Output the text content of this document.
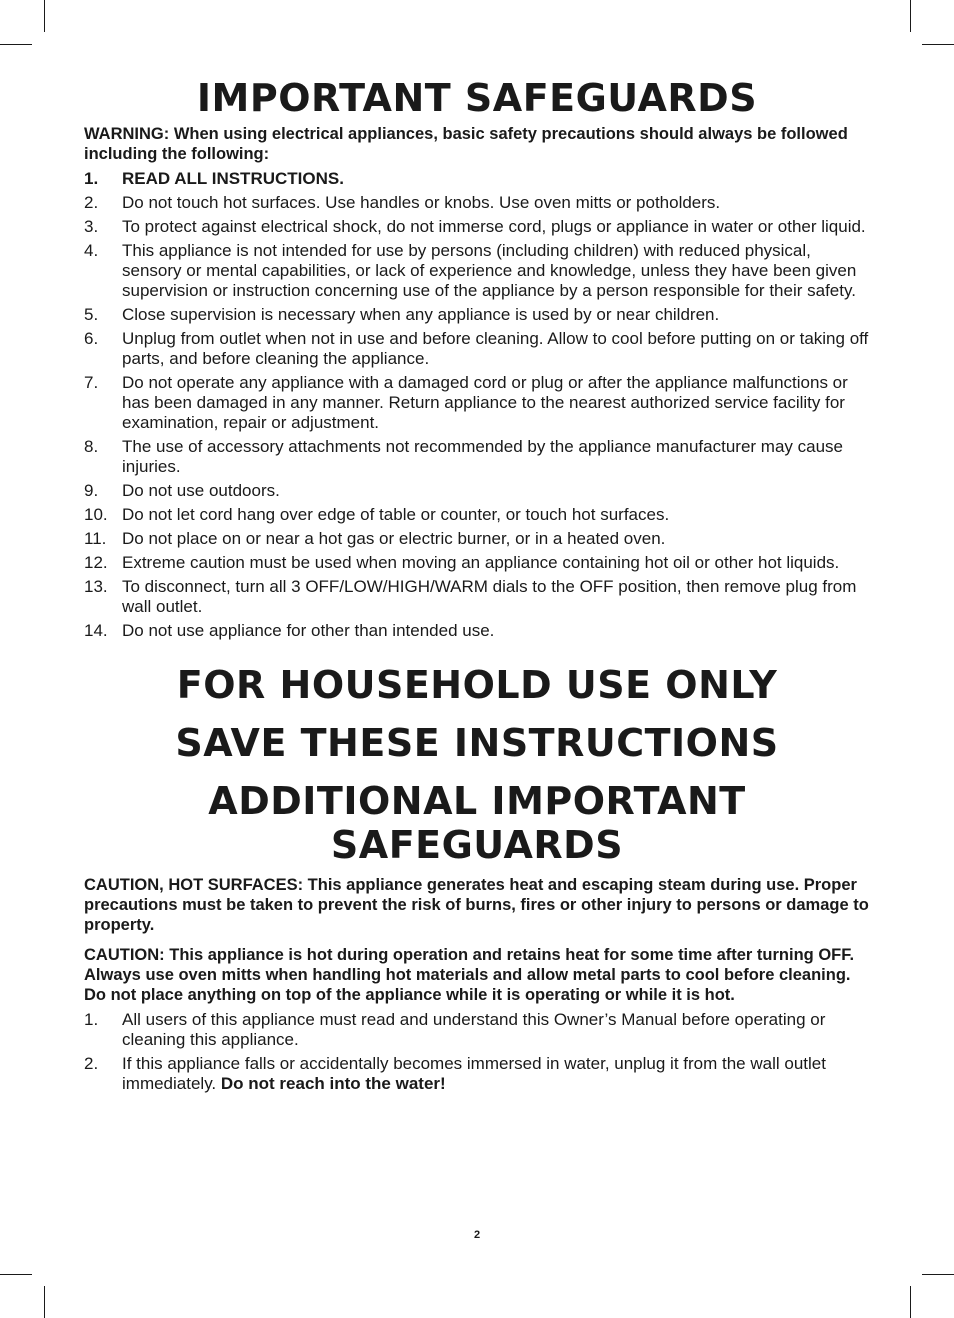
IMPORTANT SAFEGUARDS

WARNING: When using electrical appliances, basic safety precautions should always be followed including the following:

1. READ ALL INSTRUCTIONS.
2. Do not touch hot surfaces. Use handles or knobs. Use oven mitts or potholders.
3. To protect against electrical shock, do not immerse cord, plugs or appliance in water or other liquid.
4. This appliance is not intended for use by persons (including children) with reduced physical, sensory or mental capabilities, or lack of experience and knowledge, unless they have been given supervision or instruction concerning use of the appliance by a person responsible for their safety.
5. Close supervision is necessary when any appliance is used by or near children.
6. Unplug from outlet when not in use and before cleaning. Allow to cool before putting on or taking off parts, and before cleaning the appliance.
7. Do not operate any appliance with a damaged cord or plug or after the appliance malfunctions or has been damaged in any manner. Return appliance to the nearest authorized service facility for examination, repair or adjustment.
8. The use of accessory attachments not recommended by the appliance manufacturer may cause injuries.
9. Do not use outdoors.
10. Do not let cord hang over edge of table or counter, or touch hot surfaces.
11. Do not place on or near a hot gas or electric burner, or in a heated oven.
12. Extreme caution must be used when moving an appliance containing hot oil or other hot liquids.
13. To disconnect, turn all 3 OFF/LOW/HIGH/WARM dials to the OFF position, then remove plug from wall outlet.
14. Do not use appliance for other than intended use.
FOR HOUSEHOLD USE ONLY
SAVE THESE INSTRUCTIONS
ADDITIONAL IMPORTANT SAFEGUARDS

CAUTION, HOT SURFACES: This appliance generates heat and escaping steam during use. Proper precautions must be taken to prevent the risk of burns, fires or other injury to persons or damage to property.

CAUTION: This appliance is hot during operation and retains heat for some time after turning OFF. Always use oven mitts when handling hot materials and allow metal parts to cool before cleaning. Do not place anything on top of the appliance while it is operating or while it is hot.

1. All users of this appliance must read and understand this Owner’s Manual before operating or cleaning this appliance.
2. If this appliance falls or accidentally becomes immersed in water, unplug it from the wall outlet immediately. Do not reach into the water!
2
